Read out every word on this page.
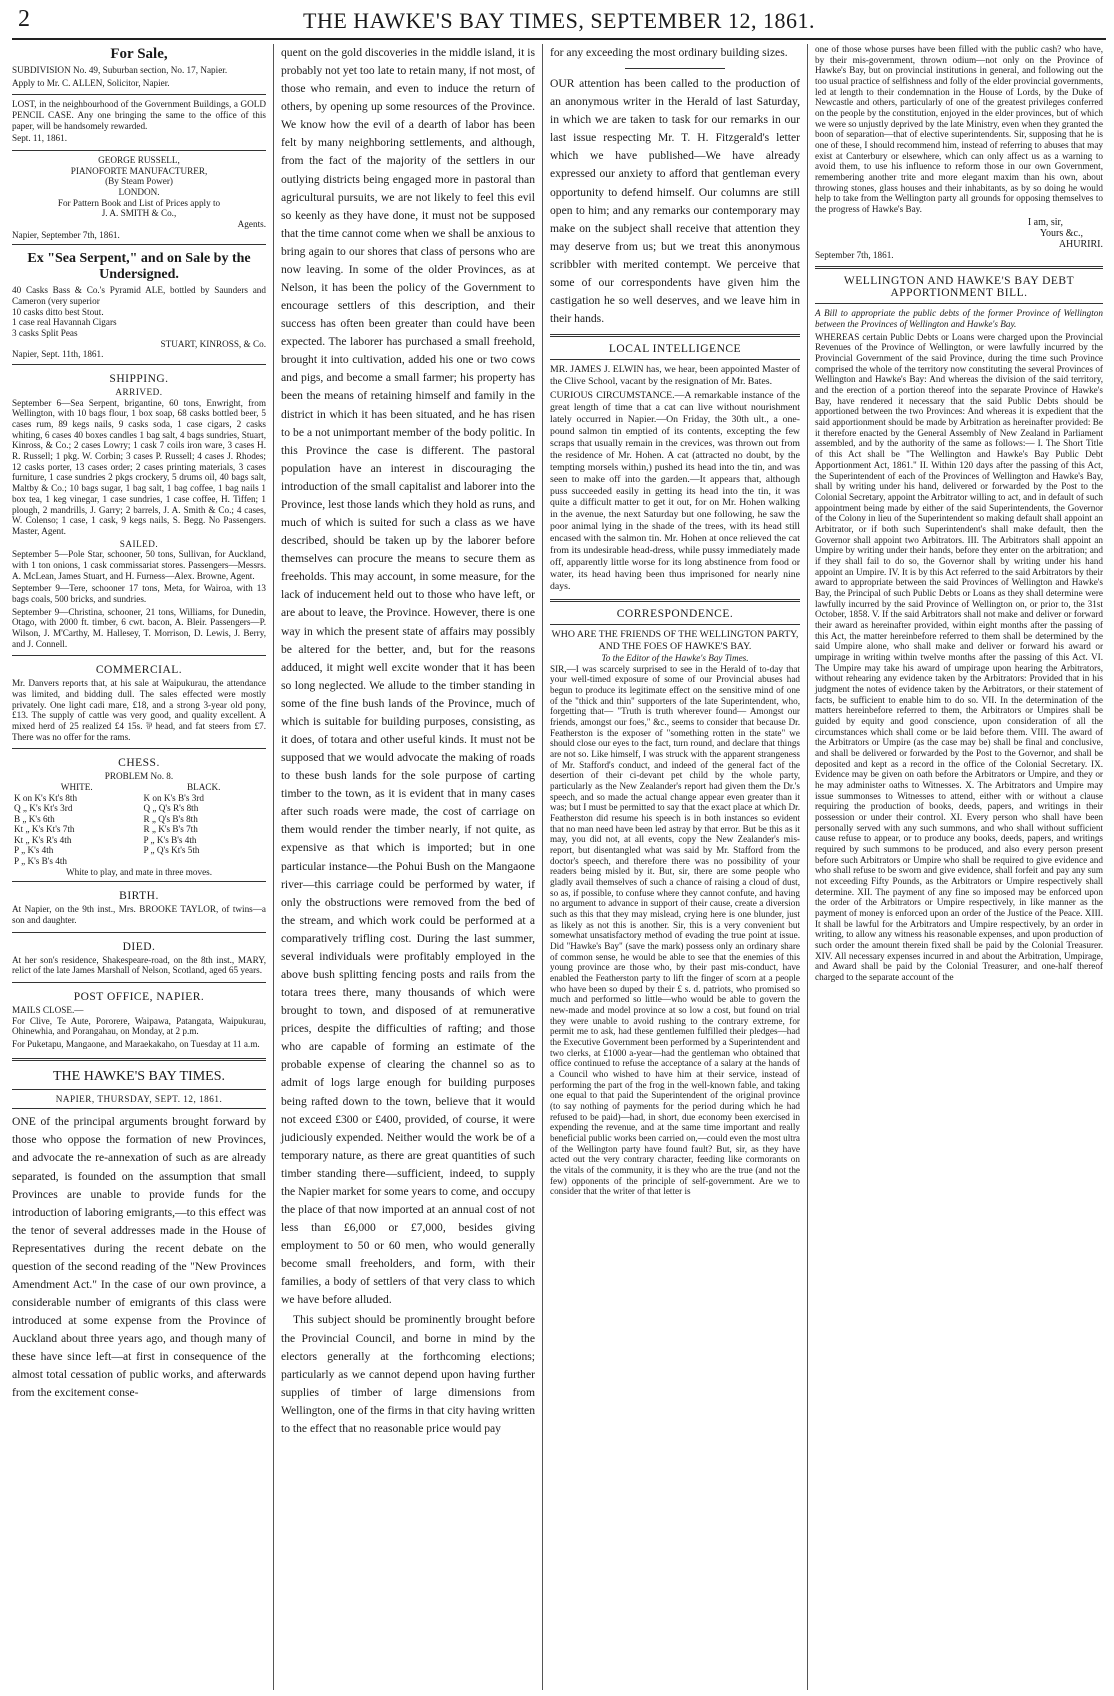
2	THE HAWKE'S BAY TIMES, SEPTEMBER 12, 1861.
For Sale,

SUBDIVISION No. 49, Suburban section, No. 17, Napier.

Apply to Mr. C. ALLEN, Solicitor, Napier.

LOST, in the neighbourhood of the Government Buildings, a GOLD PENCIL CASE. Any one bringing the same to the office of this paper, will be handsomely rewarded.

Sept. 11, 1861.

GEORGE RUSSELL,
PIANOFORTE MANUFACTURER,
(By Steam Power)
LONDON.
For Pattern Book and List of Prices apply to
J. A. SMITH & Co.,
Agents.
Napier, September 7th, 1861.
Ex "Sea Serpent," and on Sale by the Undersigned.
40 Casks Bass & Co.'s Pyramid ALE, bottled by Saunders and Cameron (very superior
10 casks ditto best Stout.
1 case real Havannah Cigars
3 casks Split Peas
STUART, KINROSS, & Co.
Napier, Sept. 11th, 1861.
SHIPPING.
ARRIVED.

September 6—Sea Serpent, brigantine, 60 tons, Enwright, from Wellington, with 10 bags flour, 1 box soap, 68 casks bottled beer, 5 cases rum, 89 kegs nails, 9 casks soda, 1 case cigars, 2 casks whiting, 6 cases 40 boxes candles 1 bag salt, 4 bags sundries, Stuart, Kinross, & Co.; 2 cases Lowry; 1 cask 7 coils iron ware, 3 cases H. R. Russell; 1 pkg. W. Corbin; 3 cases P. Russell; 4 cases J. Rhodes; 12 casks porter, 13 cases order; 2 cases printing materials, 3 cases furniture, 1 case sundries 2 pkgs crockery, 5 drums oil, 40 bags salt, Maltby & Co.; 10 bags sugar, 1 bag salt, 1 bag coffee, 1 bag nails 1 box tea, 1 keg vinegar, 1 case sundries, 1 case coffee, H. Tiffen; 1 plough, 2 mandrills, J. Garry; 2 barrels, J. A. Smith & Co.; 4 cases, W. Colenso; 1 case, 1 cask, 9 kegs nails, S. Begg. No Passengers. Master, Agent.

SAILED.

September 5—Pole Star, schooner, 50 tons, Sullivan, for Auckland, with 1 ton onions, 1 cask commissariat stores. Passengers—Messrs. A. McLean, James Stuart, and H. Furness—Alex. Browne, Agent.

September 9—Tere, schooner 17 tons, Meta, for Wairoa, with 13 bags coals, 500 bricks, and sundries.

September 9—Christina, schooner, 21 tons, Williams, for Dunedin, Otago, with 2000 ft. timber, 6 cwt. bacon, A. Bleir. Passengers—P. Wilson, J. M'Carthy, M. Hallesey, T. Morrison, D. Lewis, J. Berry, and J. Connell.

COMMERCIAL.

Mr. Danvers reports that, at his sale at Waipukurau, the attendance was limited, and bidding dull. The sales effected were mostly privately. One light cadi mare, £18, and a strong 3-year old pony, £13. The supply of cattle was very good, and quality excellent. A mixed herd of 25 realized £4 15s. ⅌ head, and fat steers from £7. There was no offer for the rams.

CHESS.
PROBLEM No. 8.
WHITE.	BLACK.
K on K's Kt's 8th	K on K's B's 3rd
Q „ K's Kt's 3rd	Q „ Q's R's 8th
B „ K's 6th	R „ Q's B's 8th
Kt „ K's Kt's 7th	R „ K's B's 7th
Kt „ K's R's 4th	P „ K's B's 4th
P „ K's 4th	P „ Q's Kt's 5th
P „ K's B's 4th	
White to play, and mate in three moves.
BIRTH.

At Napier, on the 9th inst., Mrs. BROOKE TAYLOR, of twins—a son and daughter.

DIED.

At her son's residence, Shakespeare-road, on the 8th inst., MARY, relict of the late James Marshall of Nelson, Scotland, aged 65 years.

POST OFFICE, NAPIER.
MAILS CLOSE.—

For Clive, Te Aute, Pororere, Waipawa, Patangata, Waipukurau, Ohinewhia, and Porangahau, on Monday, at 2 p.m.

For Puketapu, Mangaone, and Maraekakaho, on Tuesday at 11 a.m.

THE HAWKE'S BAY TIMES.
NAPIER, THURSDAY, SEPT. 12, 1861.

ONE of the principal arguments brought forward by those who oppose the formation of new Provinces, and advocate the re-annexation of such as are already separated, is founded on the assumption that small Provinces are unable to provide funds for the introduction of laboring emigrants,—to this effect was the tenor of several addresses made in the House of Representatives during the recent debate on the question of the second reading of the "New Provinces Amendment Act." In the case of our own province, a considerable number of emigrants of this class were introduced at some expense from the Province of Auckland about three years ago, and though many of these have since left—at first in consequence of the almost total cessation of public works, and afterwards from the excitement conse-

quent on the gold discoveries in the middle island, it is probably not yet too late to retain many, if not most, of those who remain, and even to induce the return of others, by opening up some resources of the Province. We know how the evil of a dearth of labor has been felt by many neighboring settlements, and although, from the fact of the majority of the settlers in our outlying districts being engaged more in pastoral than agricultural pursuits, we are not likely to feel this evil so keenly as they have done, it must not be supposed that the time cannot come when we shall be anxious to bring again to our shores that class of persons who are now leaving. In some of the older Provinces, as at Nelson, it has been the policy of the Government to encourage settlers of this description, and their success has often been greater than could have been expected. The laborer has purchased a small freehold, brought it into cultivation, added his one or two cows and pigs, and become a small farmer; his property has been the means of retaining himself and family in the district in which it has been situated, and he has risen to be a not unimportant member of the body politic. In this Province the case is different. The pastoral population have an interest in discouraging the introduction of the small capitalist and laborer into the Province, lest those lands which they hold as runs, and much of which is suited for such a class as we have described, should be taken up by the laborer before themselves can procure the means to secure them as freeholds. This may account, in some measure, for the lack of inducement held out to those who have left, or are about to leave, the Province. However, there is one way in which the present state of affairs may possibly be altered for the better, and, but for the reasons adduced, it might well excite wonder that it has been so long neglected. We allude to the timber standing in some of the fine bush lands of the Province, much of which is suitable for building purposes, consisting, as it does, of totara and other useful kinds. It must not be supposed that we would advocate the making of roads to these bush lands for the sole purpose of carting timber to the town, as it is evident that in many cases after such roads were made, the cost of carriage on them would render the timber nearly, if not quite, as expensive as that which is imported; but in one particular instance—the Pohui Bush on the Mangaone river—this carriage could be performed by water, if only the obstructions were removed from the bed of the stream, and which work could be performed at a comparatively trifling cost. During the last summer, several individuals were profitably employed in the above bush splitting fencing posts and rails from the totara trees there, many thousands of which were brought to town, and disposed of at remunerative prices, despite the difficulties of rafting; and those who are capable of forming an estimate of the probable expense of clearing the channel so as to admit of logs large enough for building purposes being rafted down to the town, believe that it would not exceed £300 or £400, provided, of course, it were judiciously expended. Neither would the work be of a temporary nature, as there are great quantities of such timber standing there—sufficient, indeed, to supply the Napier market for some years to come, and occupy the place of that now imported at an annual cost of not less than £6,000 or £7,000, besides giving employment to 50 or 60 men, who would generally become small freeholders, and form, with their families, a body of settlers of that very class to which we have before alluded.

This subject should be prominently brought before the Provincial Council, and borne in mind by the electors generally at the forthcoming elections; particularly as we cannot depend upon having further supplies of timber of large dimensions from Wellington, one of the firms in that city having written to the effect that no reasonable price would pay

for any exceeding the most ordinary building sizes.

OUR attention has been called to the production of an anonymous writer in the Herald of last Saturday, in which we are taken to task for our remarks in our last issue respecting Mr. T. H. Fitzgerald's letter which we have published—We have already expressed our anxiety to afford that gentleman every opportunity to defend himself. Our columns are still open to him; and any remarks our contemporary may make on the subject shall receive that attention they may deserve from us; but we treat this anonymous scribbler with merited contempt. We perceive that some of our correspondents have given him the castigation he so well deserves, and we leave him in their hands.

LOCAL INTELLIGENCE

MR. JAMES J. ELWIN has, we hear, been appointed Master of the Clive School, vacant by the resignation of Mr. Bates.

CURIOUS CIRCUMSTANCE.—A remarkable instance of the great length of time that a cat can live without nourishment lately occurred in Napier.—On Friday, the 30th ult., a one-pound salmon tin emptied of its contents, excepting the few scraps that usually remain in the crevices, was thrown out from the residence of Mr. Hohen. A cat (attracted no doubt, by the tempting morsels within,) pushed its head into the tin, and was seen to make off into the garden.—It appears that, although puss succeeded easily in getting its head into the tin, it was quite a difficult matter to get it out, for on Mr. Hohen walking in the avenue, the next Saturday but one following, he saw the poor animal lying in the shade of the trees, with its head still encased with the salmon tin. Mr. Hohen at once relieved the cat from its undesirable head-dress, while pussy immediately made off, apparently little worse for its long abstinence from food or water, its head having been thus imprisoned for nearly nine days.

CORRESPONDENCE.
WHO ARE THE FRIENDS OF THE WELLINGTON PARTY, AND THE FOES OF HAWKE'S BAY.
To the Editor of the Hawke's Bay Times.

SIR,—I was scarcely surprised to see in the Herald of to-day that your well-timed exposure of some of our Provincial abuses had begun to produce its legitimate effect on the sensitive mind of one of the "thick and thin" supporters of the late Superintendent, who, forgetting that— "Truth is truth wherever found— Amongst our friends, amongst our foes," &c., seems to consider that because Dr. Featherston is the exposer of "something rotten in the state" we should close our eyes to the fact, turn round, and declare that things are not so. Like himself, I was struck with the apparent strangeness of Mr. Stafford's conduct, and indeed of the general fact of the desertion of their ci-devant pet child by the whole party, particularly as the New Zealander's report had given them the Dr.'s speech, and so made the actual change appear even greater than it was; but I must be permitted to say that the exact place at which Dr. Featherston did resume his speech is in both instances so evident that no man need have been led astray by that error. But be this as it may, you did not, at all events, copy the New Zealander's mis-report, but disentangled what was said by Mr. Stafford from the doctor's speech, and therefore there was no possibility of your readers being misled by it. But, sir, there are some people who gladly avail themselves of such a chance of raising a cloud of dust, so as, if possible, to confuse where they cannot confute, and having no argument to advance in support of their cause, create a diversion such as this that they may mislead, crying here is one blunder, just as likely as not this is another. Sir, this is a very convenient but somewhat unsatisfactory method of evading the true point at issue. Did "Hawke's Bay" (save the mark) possess only an ordinary share of common sense, he would be able to see that the enemies of this young province are those who, by their past mis-conduct, have enabled the Featherston party to lift the finger of scorn at a people who have been so duped by their £ s. d. patriots, who promised so much and performed so little—who would be able to govern the new-made and model province at so low a cost, but found on trial they were unable to avoid rushing to the contrary extreme, for permit me to ask, had these gentlemen fulfilled their pledges—had the Executive Government been performed by a Superintendent and two clerks, at £1000 a-year—had the gentleman who obtained that office continued to refuse the acceptance of a salary at the hands of a Council who wished to have him at their service, instead of performing the part of the frog in the well-known fable, and taking one equal to that paid the Superintendent of the original province (to say nothing of payments for the period during which he had refused to be paid)—had, in short, due economy been exercised in expending the revenue, and at the same time important and really beneficial public works been carried on,—could even the most ultra of the Wellington party have found fault? But, sir, as they have acted out the very contrary character, feeding like cormorants on the vitals of the community, it is they who are the true (and not the few) opponents of the principle of self-government. Are we to consider that the writer of that letter is

one of those whose purses have been filled with the public cash? who have, by their mis-government, thrown odium—not only on the Province of Hawke's Bay, but on provincial institutions in general, and following out the too usual practice of selfishness and folly of the elder provincial governments, led at length to their condemnation in the House of Lords, by the Duke of Newcastle and others, particularly of one of the greatest privileges conferred on the people by the constitution, enjoyed in the elder provinces, but of which we were so unjustly deprived by the late Ministry, even when they granted the boon of separation—that of elective superintendents. Sir, supposing that he is one of these, I should recommend him, instead of referring to abuses that may exist at Canterbury or elsewhere, which can only affect us as a warning to avoid them, to use his influence to reform those in our own Government, remembering another trite and more elegant maxim than his own, about throwing stones, glass houses and their inhabitants, as by so doing he would help to take from the Wellington party all grounds for opposing themselves to the progress of Hawke's Bay.

I am, sir,
Yours &c.,
AHURIRI.
September 7th, 1861.
WELLINGTON AND HAWKE'S BAY DEBT APPORTIONMENT BILL.

A Bill to appropriate the public debts of the former Province of Wellington between the Provinces of Wellington and Hawke's Bay.

WHEREAS certain Public Debts or Loans were charged upon the Provincial Revenues of the Province of Wellington, or were lawfully incurred by the Provincial Government of the said Province, during the time such Province comprised the whole of the territory now constituting the several Provinces of Wellington and Hawke's Bay: And whereas the division of the said territory, and the erection of a portion thereof into the separate Province of Hawke's Bay, have rendered it necessary that the said Public Debts should be apportioned between the two Provinces: And whereas it is expedient that the said apportionment should be made by Arbitration as hereinafter provided: Be it therefore enacted by the General Assembly of New Zealand in Parliament assembled, and by the authority of the same as follows:— I. The Short Title of this Act shall be "The Wellington and Hawke's Bay Public Debt Apportionment Act, 1861." II. Within 120 days after the passing of this Act, the Superintendent of each of the Provinces of Wellington and Hawke's Bay, shall by writing under his hand, delivered or forwarded by the Post to the Colonial Secretary, appoint the Arbitrator willing to act, and in default of such appointment being made by either of the said Superintendents, the Governor of the Colony in lieu of the Superintendent so making default shall appoint an Arbitrator, or if both such Superintendent's shall make default, then the Governor shall appoint two Arbitrators. III. The Arbitrators shall appoint an Umpire by writing under their hands, before they enter on the arbitration; and if they shall fail to do so, the Governor shall by writing under his hand appoint an Umpire. IV. It is by this Act referred to the said Arbitrators by their award to appropriate between the said Provinces of Wellington and Hawke's Bay, the Principal of such Public Debts or Loans as they shall determine were lawfully incurred by the said Province of Wellington on, or prior to, the 31st October, 1858. V. If the said Arbitrators shall not make and deliver or forward their award as hereinafter provided, within eight months after the passing of this Act, the matter hereinbefore referred to them shall be determined by the said Umpire alone, who shall make and deliver or forward his award or umpirage in writing within twelve months after the passing of this Act. VI. The Umpire may take his award of umpirage upon hearing the Arbitrators, without rehearing any evidence taken by the Arbitrators: Provided that in his judgment the notes of evidence taken by the Arbitrators, or their statement of facts, be sufficient to enable him to do so. VII. In the determination of the matters hereinbefore referred to them, the Arbitrators or Umpires shall be guided by equity and good conscience, upon consideration of all the circumstances which shall come or be laid before them. VIII. The award of the Arbitrators or Umpire (as the case may be) shall be final and conclusive, and shall be delivered or forwarded by the Post to the Governor, and shall be deposited and kept as a record in the office of the Colonial Secretary. IX. Evidence may be given on oath before the Arbitrators or Umpire, and they or he may administer oaths to Witnesses. X. The Arbitrators and Umpire may issue summonses to Witnesses to attend, either with or without a clause requiring the production of books, deeds, papers, and writings in their possession or under their control. XI. Every person who shall have been personally served with any such summons, and who shall without sufficient cause refuse to appear, or to produce any books, deeds, papers, and writings required by such summons to be produced, and also every person present before such Arbitrators or Umpire who shall be required to give evidence and who shall refuse to be sworn and give evidence, shall forfeit and pay any sum not exceeding Fifty Pounds, as the Arbitrators or Umpire respectively shall determine. XII. The payment of any fine so imposed may be enforced upon the order of the Arbitrators or Umpire respectively, in like manner as the payment of money is enforced upon an order of the Justice of the Peace. XIII. It shall be lawful for the Arbitrators and Umpire respectively, by an order in writing, to allow any witness his reasonable expenses, and upon production of such order the amount therein fixed shall be paid by the Colonial Treasurer. XIV. All necessary expenses incurred in and about the Arbitration, Umpirage, and Award shall be paid by the Colonial Treasurer, and one-half thereof charged to the separate account of the
